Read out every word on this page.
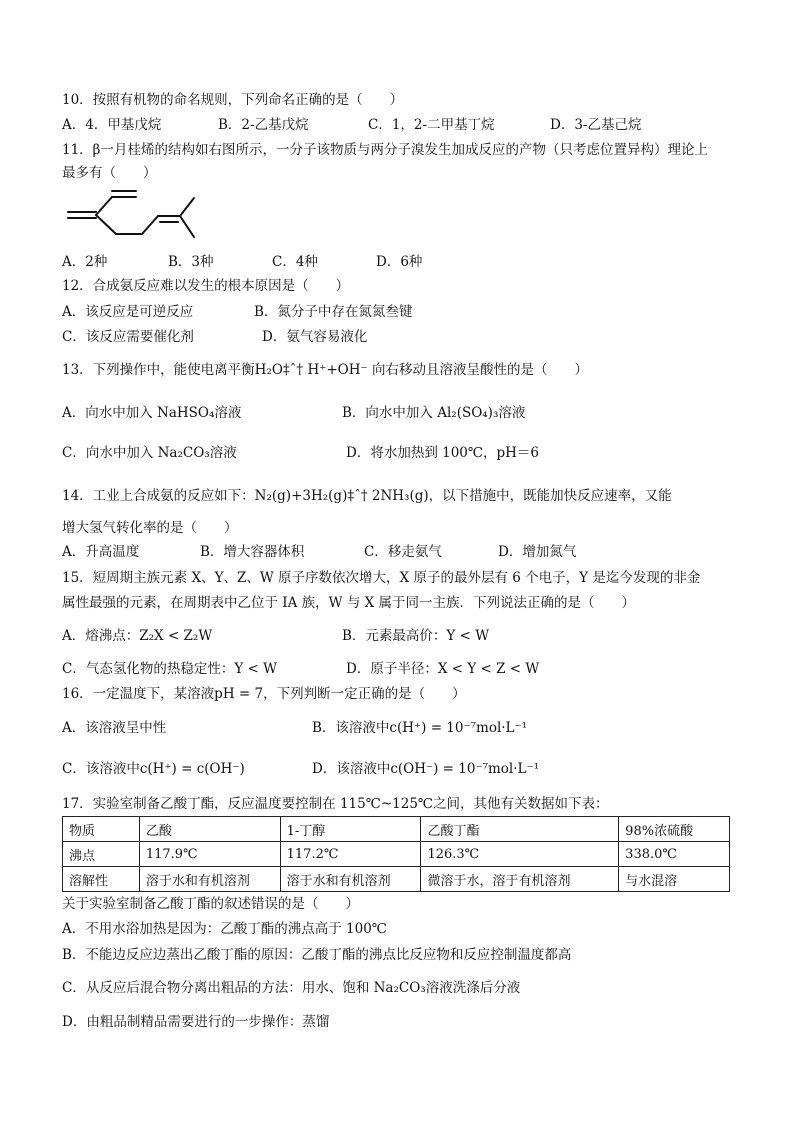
10．按照有机物的命名规则，下列命名正确的是（　　）
A．4．甲基戊烷	B．2-乙基戊烷	C．1，2-二甲基丁烷	D．3-乙基己烷
11．β一月桂烯的结构如右图所示，一分子该物质与两分子溴发生加成反应的产物（只考虑位置异构）理论上
最多有（　　）
A．2种	B．3种	C．4种	D．6种
12．合成氨反应难以发生的根本原因是（　　）
A．该反应是可逆反应	B．氮分子中存在氮氮叁键
C．该反应需要催化剂	D．氨气容易液化
13．下列操作中，能使电离平衡H₂O‡ˆ† H⁺+OH⁻ 向右移动且溶液呈酸性的是（　　）
A．向水中加入 NaHSO₄溶液	B．向水中加入 Al₂(SO₄)₃溶液
C．向水中加入 Na₂CO₃溶液	D．将水加热到 100℃，pH＝6
14．工业上合成氨的反应如下：N₂(g)+3H₂(g)‡ˆ† 2NH₃(g)，以下措施中，既能加快反应速率，又能
增大氢气转化率的是（　　）
A．升高温度	B．增大容器体积	C．移走氨气	D．增加氮气
15．短周期主族元素 X、Y、Z、W 原子序数依次增大，X 原子的最外层有 6 个电子，Y 是迄今发现的非金
属性最强的元素，在周期表中乙位于 IA 族，W 与 X 属于同一主族．下列说法正确的是（　　）
A．熔沸点：Z₂X < Z₂W	B．元素最高价：Y < W
C．气态氢化物的热稳定性：Y < W	D．原子半径：X < Y < Z < W
16．一定温度下，某溶液pH = 7，下列判断一定正确的是（　　）
A．该溶液呈中性	B．该溶液中c(H⁺) = 10⁻⁷mol·L⁻¹
C．该溶液中c(H⁺) = c(OH⁻)	D．该溶液中c(OH⁻) = 10⁻⁷mol·L⁻¹
17．实验室制备乙酸丁酯，反应温度要控制在 115℃~125℃之间，其他有关数据如下表：
物质	乙酸	1-丁醇	乙酸丁酯	98%浓硫酸
沸点	117.9℃	117.2℃	126.3℃	338.0℃
溶解性	溶于水和有机溶剂	溶于水和有机溶剂	微溶于水，溶于有机溶剂	与水混溶
关于实验室制备乙酸丁酯的叙述错误的是（　　）
A．不用水浴加热是因为：乙酸丁酯的沸点高于 100℃
B．不能边反应边蒸出乙酸丁酯的原因：乙酸丁酯的沸点比反应物和反应控制温度都高
C．从反应后混合物分离出粗品的方法：用水、饱和 Na₂CO₃溶液洗涤后分液
D．由粗品制精品需要进行的一步操作：蒸馏
